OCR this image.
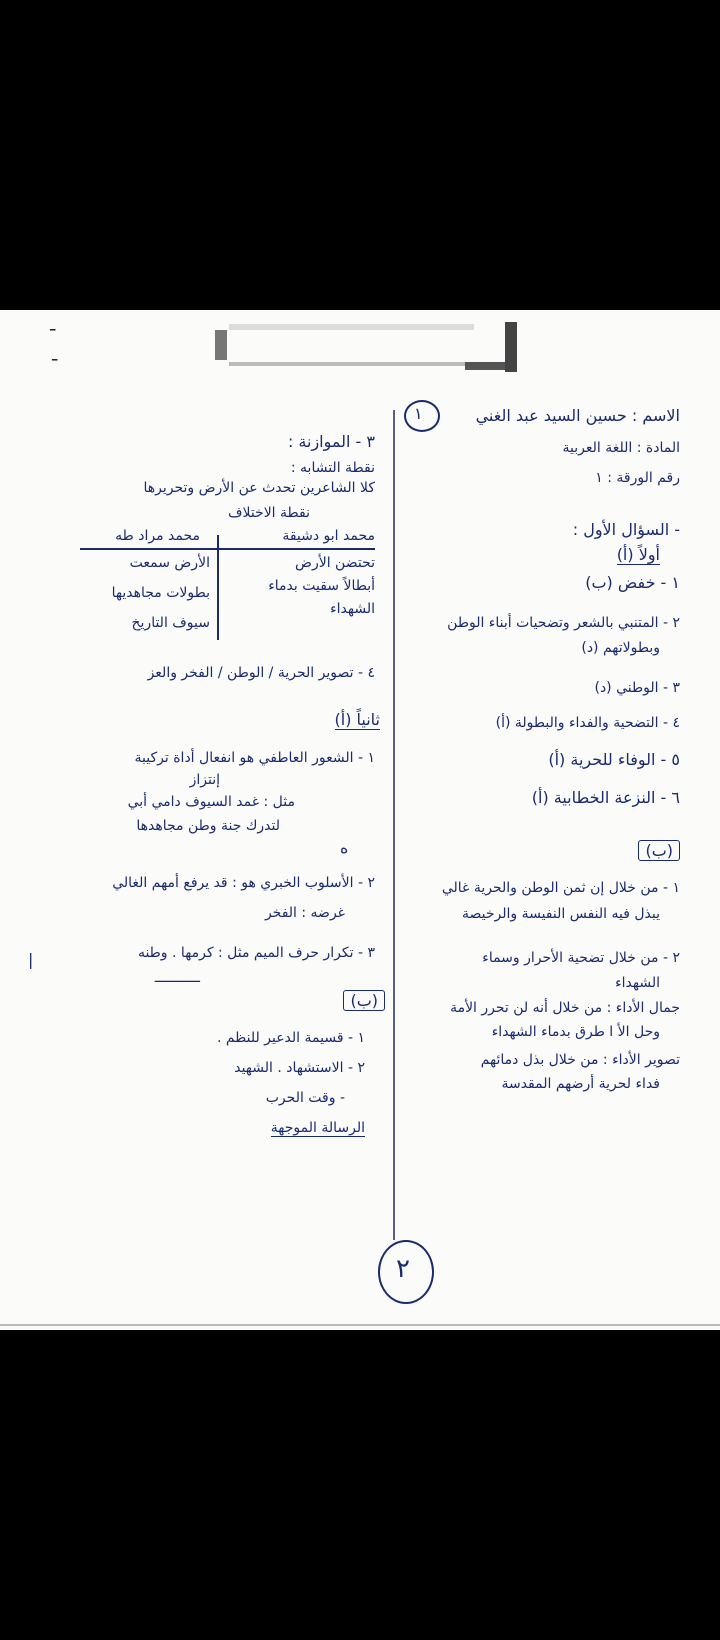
╴
╴
١	الاسم : حسين السيد عبد الغني
المادة : اللغة العربية
رقم الورقة : ١
- السؤال الأول :
أولاً (أ)
١ - خفض (ب)
٢ - المتنبي بالشعر وتضحيات أبناء الوطن
وبطولاتهم (د)
٣ - الوطني (د)
٤ - التضحية والفداء والبطولة (أ)
٥ - الوفاء للحرية (أ)
٦ - النزعة الخطابية (أ)
(ب)
١ - من خلال إن ثمن الوطن والحرية غالي
يبذل فيه النفس النفيسة والرخيصة
٢ - من خلال تضحية الأحرار وسماء
الشهداء
جمال الأداء : من خلال أنه لن تحرر الأمة
وحل الأ ا طرق بدماء الشهداء
تصوير الأداء : من خلال بذل دمائهم
فداء لحرية أرضهم المقدسة
٣ - الموازنة :
نقطة التشابه :
كلا الشاعرين تحدث عن الأرض وتحريرها
نقطة الاختلاف
محمد ابو دشيقة
محمد مراد طه
تحتضن الأرض
أبطالاً سقيت بدماء
الشهداء
الأرض سمعت
بطولات مجاهديها
سيوف التاريخ
٤ - تصوير الحرية / الوطن / الفخر والعز
ثانياً (أ)
١ - الشعور العاطفي هو انفعال أداة تركيبة
إنتزاز
مثل : غمد السيوف دامي أبي
لتدرك جنة وطن مجاهدها
ه
٢ - الأسلوب الخبري هو : قد يرفع أمهم الغالي
غرضه : الفخر
٣ - تكرار حرف الميم مثل : كرمها . وطنه
ـــــــــــ
|
(ب)
١ - قسيمة الدعير للنظم .
٢ - الاستشهاد . الشهيد
- وقت الحرب
الرسالة الموجهة
٢
